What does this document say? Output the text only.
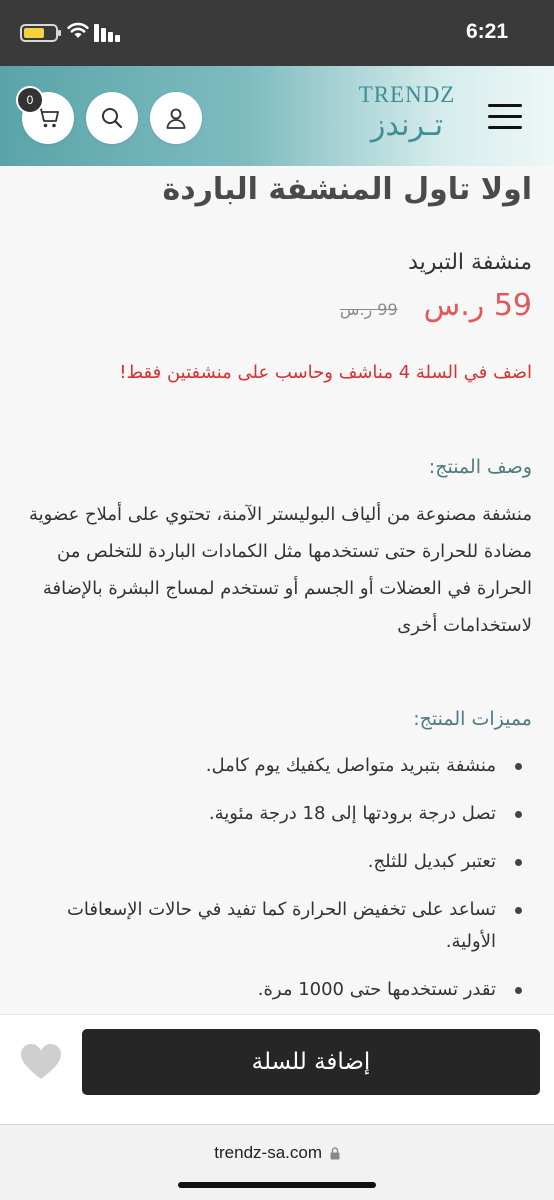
6:21
0	TRENDZ
تـرندز
اولا تاول المنشفة الباردة
منشفة التبريد
59 ر.س
99 ر.س
اضف في السلة 4 مناشف وحاسب على منشفتين فقط!
وصف المنتج:

منشفة مصنوعة من ألياف البوليستر الآمنة، تحتوي على أملاح عضوية مضادة للحرارة حتى تستخدمها مثل الكمادات الباردة للتخلص من الحرارة في العضلات أو الجسم أو تستخدم لمساج البشرة بالإضافة لاستخدامات أخرى

مميزات المنتج:
منشفة بتبريد متواصل يكفيك يوم كامل.
تصل درجة برودتها إلى 18 درجة مئوية.
تعتبر كبديل للثلج.
تساعد على تخفيض الحرارة كما تفيد في حالات الإسعافات الأولية.
تقدر تستخدمها حتى 1000 مرة.
إضافة للسلة
trendz-sa.com
